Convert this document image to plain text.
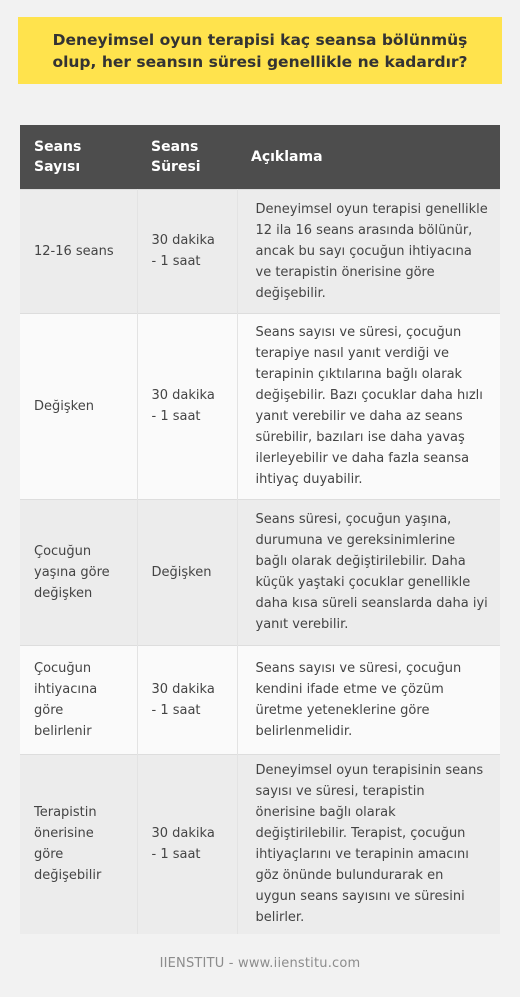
Deneyimsel oyun terapisi kaç seansa bölünmüş olup, her seansın süresi genellikle ne kadardır?
Seans Sayısı	Seans Süresi	Açıklama
12-16 seans	30 dakika - 1 saat	Deneyimsel oyun terapisi genellikle 12 ila 16 seans arasında bölünür, ancak bu sayı çocuğun ihtiyacına ve terapistin önerisine göre değişebilir.
Değişken	30 dakika - 1 saat	Seans sayısı ve süresi, çocuğun terapiye nasıl yanıt verdiği ve terapinin çıktılarına bağlı olarak değişebilir. Bazı çocuklar daha hızlı yanıt verebilir ve daha az seans sürebilir, bazıları ise daha yavaş ilerleyebilir ve daha fazla seansa ihtiyaç duyabilir.
Çocuğun yaşına göre değişken	Değişken	Seans süresi, çocuğun yaşına, durumuna ve gereksinimlerine bağlı olarak değiştirilebilir. Daha küçük yaştaki çocuklar genellikle daha kısa süreli seanslarda daha iyi yanıt verebilir.
Çocuğun ihtiyacına göre belirlenir	30 dakika - 1 saat	Seans sayısı ve süresi, çocuğun kendini ifade etme ve çözüm üretme yeteneklerine göre belirlenmelidir.
Terapistin önerisine göre değişebilir	30 dakika - 1 saat	Deneyimsel oyun terapisinin seans sayısı ve süresi, terapistin önerisine bağlı olarak değiştirilebilir. Terapist, çocuğun ihtiyaçlarını ve terapinin amacını göz önünde bulundurarak en uygun seans sayısını ve süresini belirler.
IIENSTITU - www.iienstitu.com
